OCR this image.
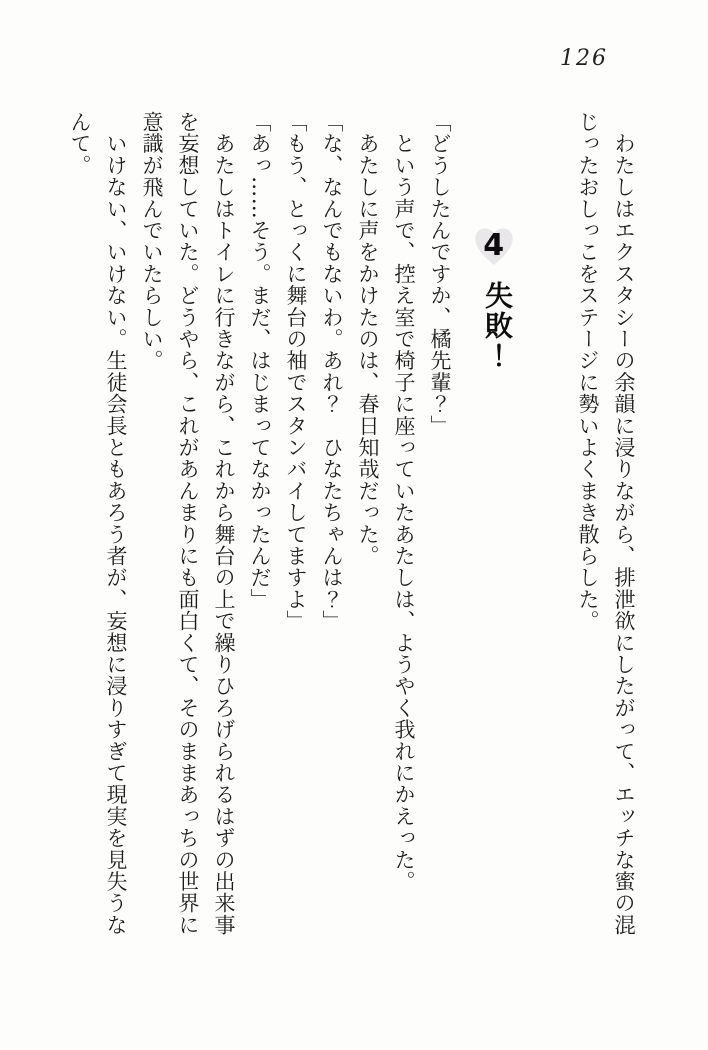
126

　わたしはエクスタシーの余韻に浸りながら、排泄欲にしたがって、エッチな蜜の混じったおしっこをステージに勢いよくまき散らした。

4
失敗！

「どうしたんですか、橘先輩？」

　という声で、控え室で椅子に座っていたあたしは、ようやく我れにかえった。

　あたしに声をかけたのは、春日知哉だった。

「な、なんでもないわ。あれ？　ひなたちゃんは？」

「もう、とっくに舞台の袖でスタンバイしてますよ」

「あっ……そう。まだ、はじまってなかったんだ」

　あたしはトイレに行きながら、これから舞台の上で繰りひろげられるはずの出来事を妄想していた。どうやら、これがあんまりにも面白くて、そのままあっちの世界に意識が飛んでいたらしい。

　いけない、いけない。生徒会長ともあろう者が、妄想に浸りすぎて現実を見失うなんて。
